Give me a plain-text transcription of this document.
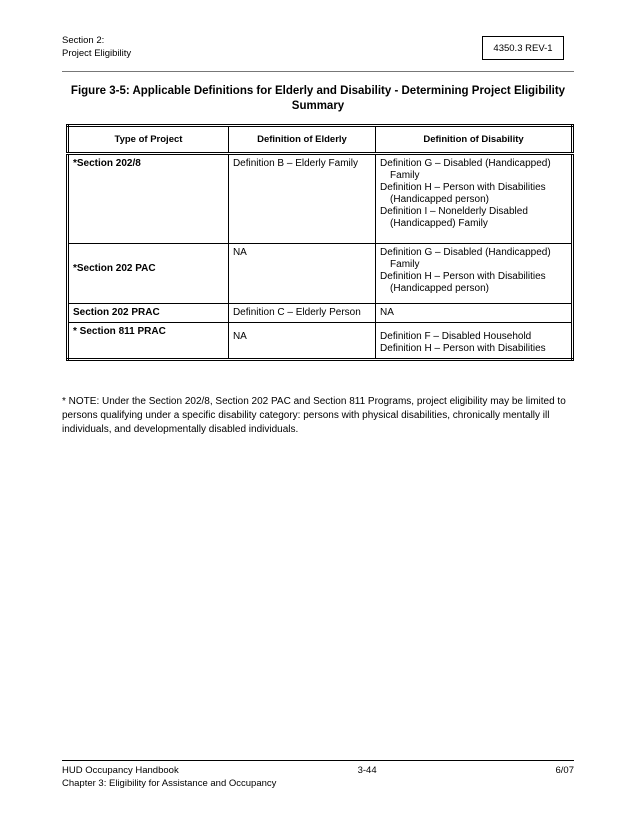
Section 2:
Project Eligibility	4350.3 REV-1
Figure 3-5: Applicable Definitions for Elderly and Disability - Determining Project Eligibility Summary
Type of Project	Definition of Elderly	Definition of Disability

*Section 202/8	Definition B – Elderly Family	Definition G – Disabled (Handicapped) Family
Definition H – Person with Disabilities (Handicapped person)
Definition I – Nonelderly Disabled (Handicapped) Family

*Section 202 PAC	NA	Definition G – Disabled (Handicapped) Family
Definition H – Person with Disabilities (Handicapped person)

Section 202 PRAC	Definition C – Elderly Person	NA

* Section 811 PRAC	NA	Definition F – Disabled Household
Definition H – Person with Disabilities
* NOTE: Under the Section 202/8, Section 202 PAC and Section 811 Programs, project eligibility may be limited to persons qualifying under a specific disability category: persons with physical disabilities, chronically mentally ill individuals, and developmentally disabled individuals.
HUD Occupancy Handbook	3-44	6/07
Chapter 3: Eligibility for Assistance and Occupancy
